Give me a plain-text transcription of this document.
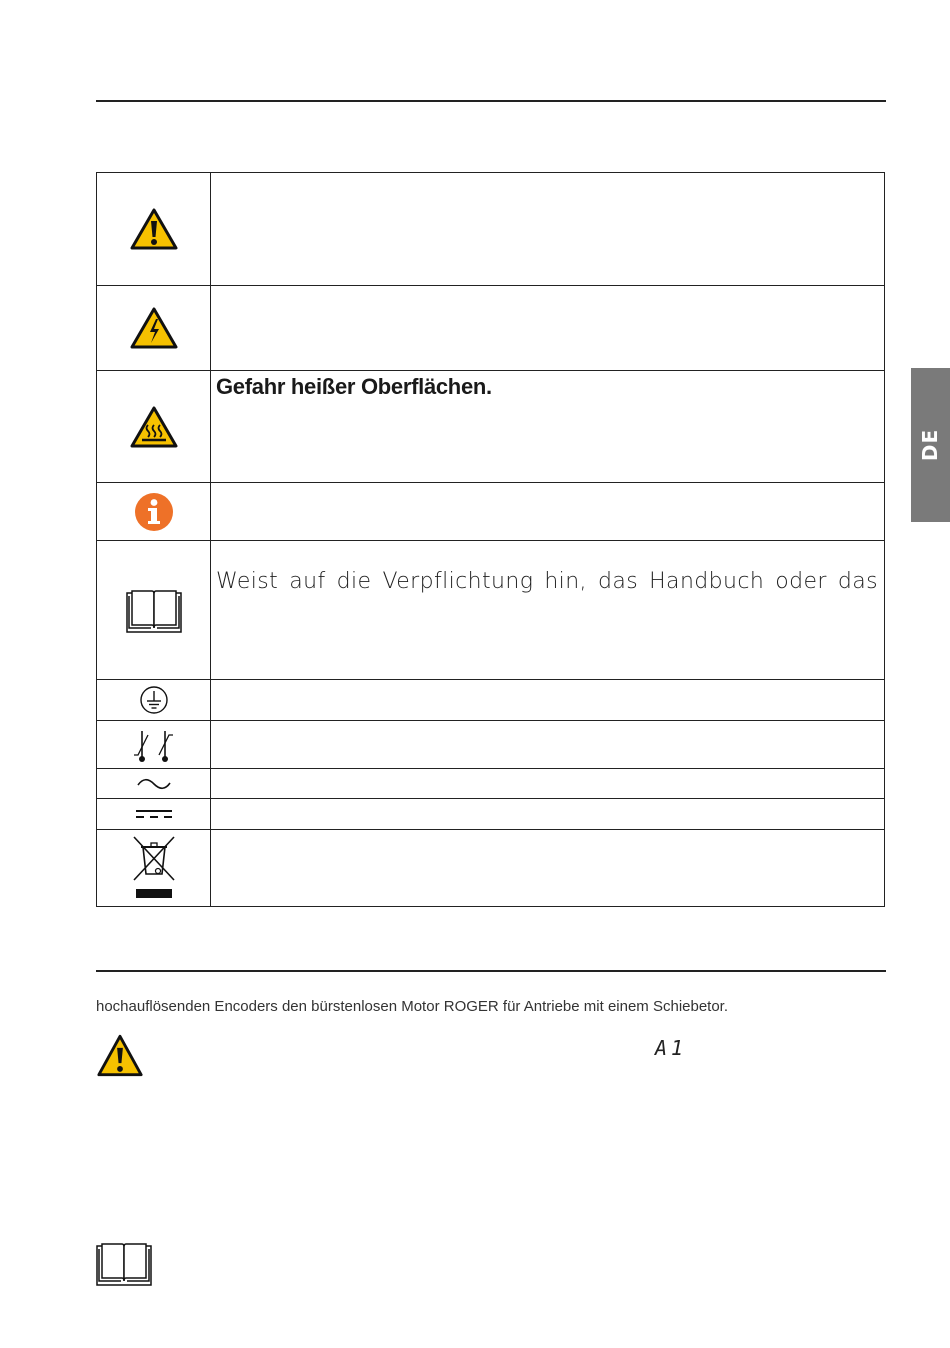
DE

Gefahr heißer Oberflächen.

Weist auf die Verpflichtung hin, das Handbuch oder das

hochauflösenden Encoders den bürstenlosen Motor ROGER für Antriebe mit einem Schiebetor.
A1
